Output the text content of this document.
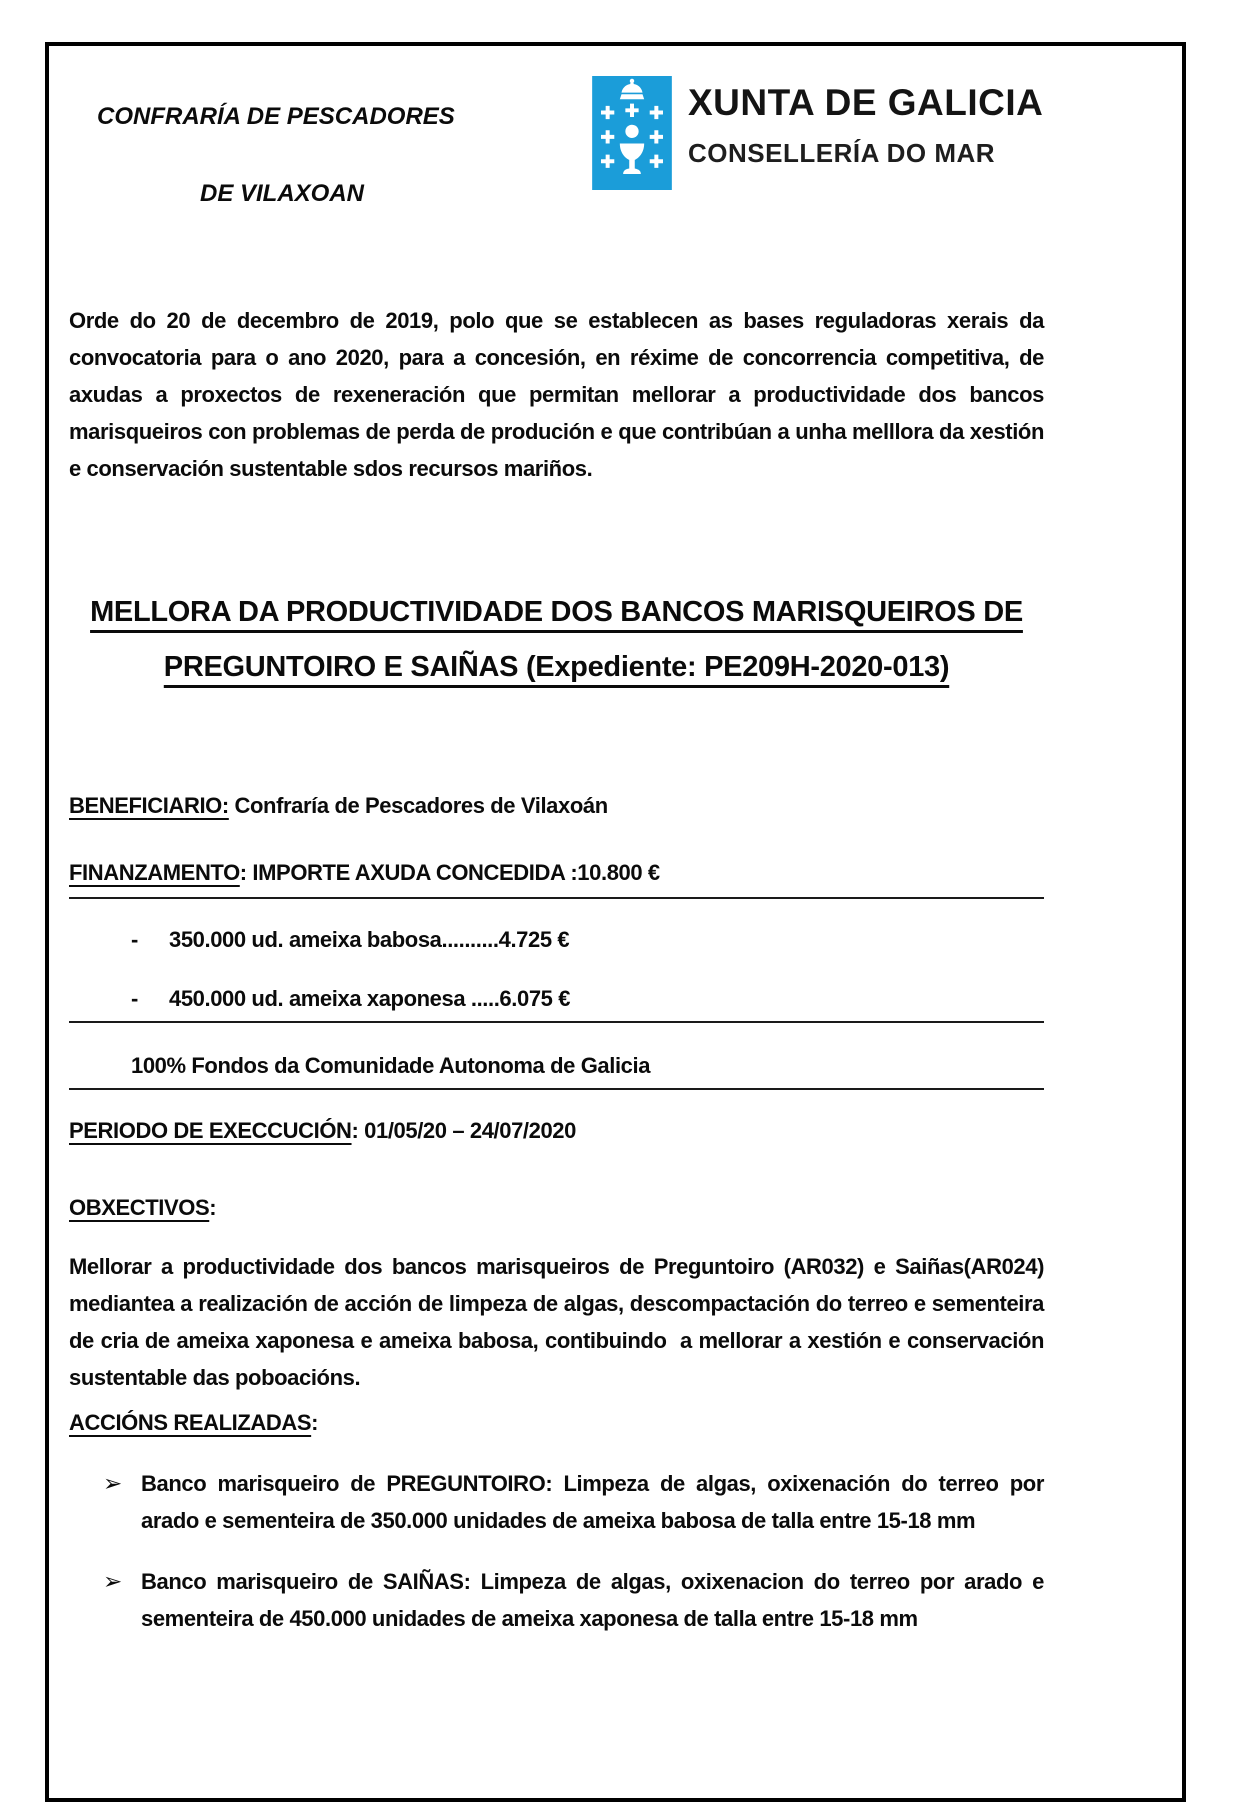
CONFRARÍA DE PESCADORES
DE VILAXOAN
XUNTA DE GALICIA
CONSELLERÍA DO MAR

Orde do 20 de decembro de 2019, polo que se establecen as bases reguladoras xerais da convocatoria para o ano 2020, para a concesión, en réxime de concorrencia competitiva, de axudas a proxectos de rexeneración que permitan mellorar a productividade dos bancos marisqueiros con problemas de perda de produción e que contribúan a unha melllora da xestión e conservación sustentable sdos recursos mariños.

MELLORA DA PRODUCTIVIDADE DOS BANCOS MARISQUEIROS DE
PREGUNTOIRO E SAIÑAS (Expediente: PE209H-2020-013)

BENEFICIARIO: Confraría de Pescadores de Vilaxoán

FINANZAMENTO: IMPORTE AXUDA CONCEDIDA :10.800 €

-	350.000 ud. ameixa babosa..........4.725 €
-	450.000 ud. ameixa xaponesa .....6.075 €
100% Fondos da Comunidade Autonoma de Galicia

PERIODO DE EXECCUCIÓN: 01/05/20 – 24/07/2020

OBXECTIVOS:

Mellorar a productividade dos bancos marisqueiros de Preguntoiro (AR032) e Saiñas(AR024) mediantea a realización de acción de limpeza de algas, descompactación do terreo e sementeira de cria de ameixa xaponesa e ameixa babosa, contibuindo  a mellorar a xestión e conservación sustentable das poboacións.

ACCIÓNS REALIZADAS:

➢ Banco marisqueiro de PREGUNTOIRO: Limpeza de algas, oxixenación do terreo por arado e sementeira de 350.000 unidades de ameixa babosa de talla entre 15-18 mm
➢ Banco marisqueiro de SAIÑAS: Limpeza de algas, oxixenacion do terreo por arado e sementeira de 450.000 unidades de ameixa xaponesa de talla entre 15-18 mm
